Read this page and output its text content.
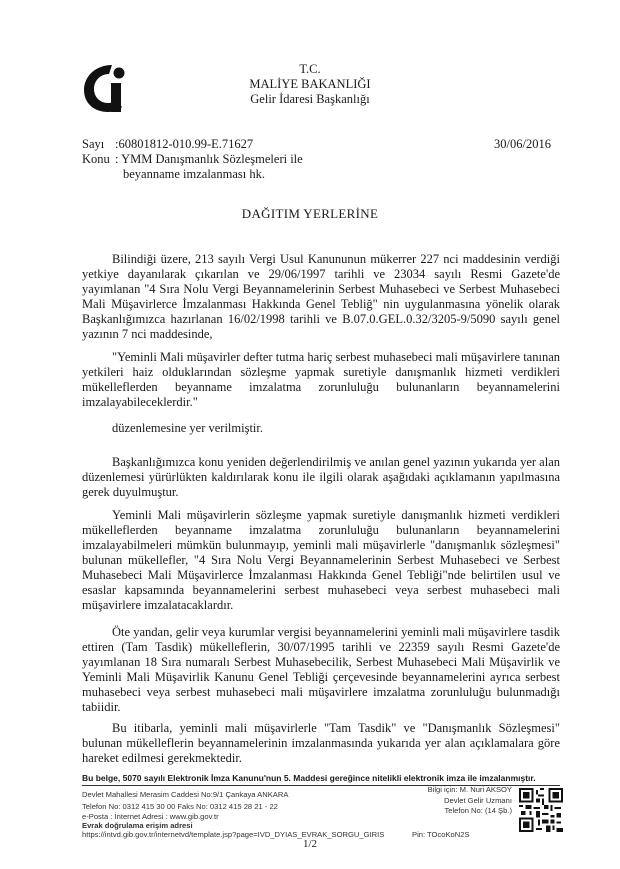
T.C.
MALİYE BAKANLIĞI
Gelir İdaresi Başkanlığı
Sayı :60801812-010.99-E.71627
Konu : YMM Danışmanlık Sözleşmeleri ile
beyanname imzalanması hk.
30/06/2016
DAĞITIM YERLERİNE

Bilindiği üzere, 213 sayılı Vergi Usul Kanununun mükerrer 227 nci maddesinin verdiği yetkiye dayanılarak çıkarılan ve 29/06/1997 tarihli ve 23034 sayılı Resmi Gazete'de yayımlanan "4 Sıra Nolu Vergi Beyannamelerinin Serbest Muhasebeci ve Serbest Muhasebeci Mali Müşavirlerce İmzalanması Hakkında Genel Tebliğ" nin uygulanmasına yönelik olarak Başkanlığımızca hazırlanan 16/02/1998 tarihli ve B.07.0.GEL.0.32/3205-9/5090 sayılı genel yazının 7 nci maddesinde,

"Yeminli Mali müşavirler defter tutma hariç serbest muhasebeci mali müşavirlere tanınan yetkileri haiz olduklarından sözleşme yapmak suretiyle danışmanlık hizmeti verdikleri mükelleflerden beyanname imzalatma zorunluluğu bulunanların beyannamelerini imzalayabileceklerdir."

düzenlemesine yer verilmiştir.

Başkanlığımızca konu yeniden değerlendirilmiş ve anılan genel yazının yukarıda yer alan düzenlemesi yürürlükten kaldırılarak konu ile ilgili olarak aşağıdaki açıklamanın yapılmasına gerek duyulmuştur.

Yeminli Mali müşavirlerin sözleşme yapmak suretiyle danışmanlık hizmeti verdikleri mükelleflerden beyanname imzalatma zorunluluğu bulunanların beyannamelerini imzalayabilmeleri mümkün bulunmayıp, yeminli mali müşavirlerle "danışmanlık sözleşmesi" bulunan mükellefler, "4 Sıra Nolu Vergi Beyannamelerinin Serbest Muhasebeci ve Serbest Muhasebeci Mali Müşavirlerce İmzalanması Hakkında Genel Tebliği"nde belirtilen usul ve esaslar kapsamında beyannamelerini serbest muhasebeci veya serbest muhasebeci mali müşavirlere imzalatacaklardır.

Öte yandan, gelir veya kurumlar vergisi beyannamelerini yeminli mali müşavirlere tasdik ettiren (Tam Tasdik) mükelleflerin, 30/07/1995 tarihli ve 22359 sayılı Resmi Gazete'de yayımlanan 18 Sıra numaralı Serbest Muhasebecilik, Serbest Muhasebeci Mali Müşavirlik ve Yeminli Mali Müşavirlik Kanunu Genel Tebliği çerçevesinde beyannamelerini ayrıca serbest muhasebeci veya serbest muhasebeci mali müşavirlere imzalatma zorunluluğu bulunmadığı tabiidir.

Bu itibarla, yeminli mali müşavirlerle "Tam Tasdik" ve "Danışmanlık Sözleşmesi" bulunan mükelleflerin beyannamelerinin imzalanmasında yukarıda yer alan açıklamalara göre hareket edilmesi gerekmektedir.

Bu belge, 5070 sayılı Elektronik İmza Kanunu'nun 5. Maddesi gereğince nitelikli elektronik imza ile imzalanmıştır.
Devlet Mahallesi Merasim Caddesi No:9/1 Çankaya ANKARA
Telefon No: 0312 415 30 00 Faks No: 0312 415 28 21 - 22
e-Posta : İnternet Adresi : www.gib.gov.tr
Evrak doğrulama erişim adresi
https://intvd.gib.gov.tr/internetvd/template.jsp?page=IVD_DYIAS_EVRAK_SORGU_GIRIS	Pin: TOcoKoN2S
Bilgi için: M. Nuri AKSOY
Devlet Gelir Uzmanı
Telefon No: (14 Şb.)
1/2
